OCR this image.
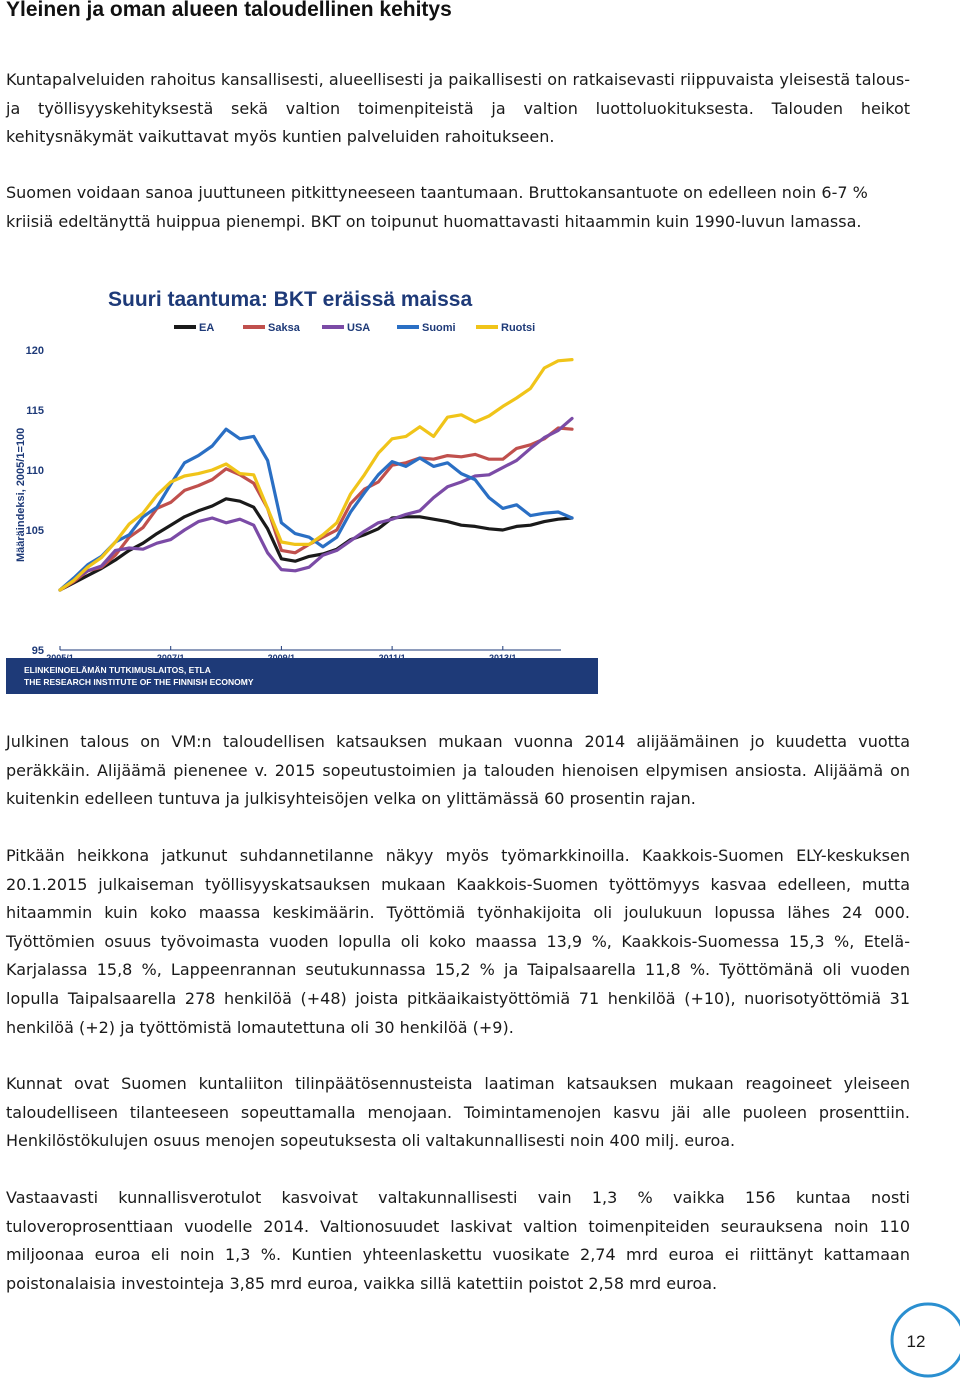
Yleinen ja oman alueen taloudellinen kehitys

Kuntapalveluiden rahoitus kansallisesti, alueellisesti ja paikallisesti on ratkaisevasti riippuvaista yleisestä talous- ja työllisyyskehityksestä sekä valtion toimenpiteistä ja valtion luottoluokituksesta. Talouden heikot kehitysnäkymät vaikuttavat myös kuntien palveluiden rahoitukseen.

Suomen voidaan sanoa juuttuneen pitkittyneeseen taantumaan. Bruttokansantuote on edelleen noin 6-7 % kriisiä edeltänyttä huippua pienempi. BKT on toipunut huomattavasti hitaammin kuin 1990-luvun lamassa.

Suuri taantuma: BKT eräissä maissa
EA	Saksa	USA	Suomi	Ruotsi
Määräindeksi, 2005/1=100
95
105
110
115
120
ELINKEINOELÄMÄN TUTKIMUSLAITOS, ETLA
THE RESEARCH INSTITUTE OF THE FINNISH ECONOMY

Julkinen talous on VM:n taloudellisen katsauksen mukaan vuonna 2014 alijäämäinen jo kuudetta vuotta peräkkäin. Alijäämä pienenee v. 2015 sopeutustoimien ja talouden hienoisen elpymisen ansiosta. Alijäämä on kuitenkin edelleen tuntuva ja julkisyhteisöjen velka on ylittämässä 60 prosentin rajan.

Pitkään heikkona jatkunut suhdannetilanne näkyy myös työmarkkinoilla. Kaakkois-Suomen ELY-keskuksen 20.1.2015 julkaiseman työllisyyskatsauksen mukaan Kaakkois-Suomen työttömyys kasvaa edelleen, mutta hitaammin kuin koko maassa keskimäärin. Työttömiä työnhakijoita oli joulukuun lopussa lähes 24 000. Työttömien osuus työvoimasta vuoden lopulla oli koko maassa 13,9 %, Kaakkois-Suomessa 15,3 %, Etelä-Karjalassa 15,8 %, Lappeenrannan seutukunnassa 15,2 % ja Taipalsaarella 11,8 %. Työttömänä oli vuoden lopulla Taipalsaarella 278 henkilöä (+48) joista pitkäaikaistyöttömiä 71 henkilöä (+10), nuorisotyöttömiä 31 henkilöä (+2) ja työttömistä lomautettuna oli 30 henkilöä (+9).

Kunnat ovat Suomen kuntaliiton tilinpäätösennusteista laatiman katsauksen mukaan reagoineet yleiseen taloudelliseen tilanteeseen sopeuttamalla menojaan. Toimintamenojen kasvu jäi alle puoleen prosenttiin. Henkilöstökulujen osuus menojen sopeutuksesta oli valtakunnallisesti noin 400 milj. euroa.

Vastaavasti kunnallisverotulot kasvoivat valtakunnallisesti vain 1,3 % vaikka 156 kuntaa nosti tuloveroprosenttiaan vuodelle 2014. Valtionosuudet laskivat valtion toimenpiteiden seurauksena noin 110 miljoonaa euroa eli noin 1,3 %. Kuntien yhteenlaskettu vuosikate 2,74 mrd euroa ei riittänyt kattamaan poistonalaisia investointeja 3,85 mrd euroa, vaikka sillä katettiin poistot 2,58 mrd euroa.

12
